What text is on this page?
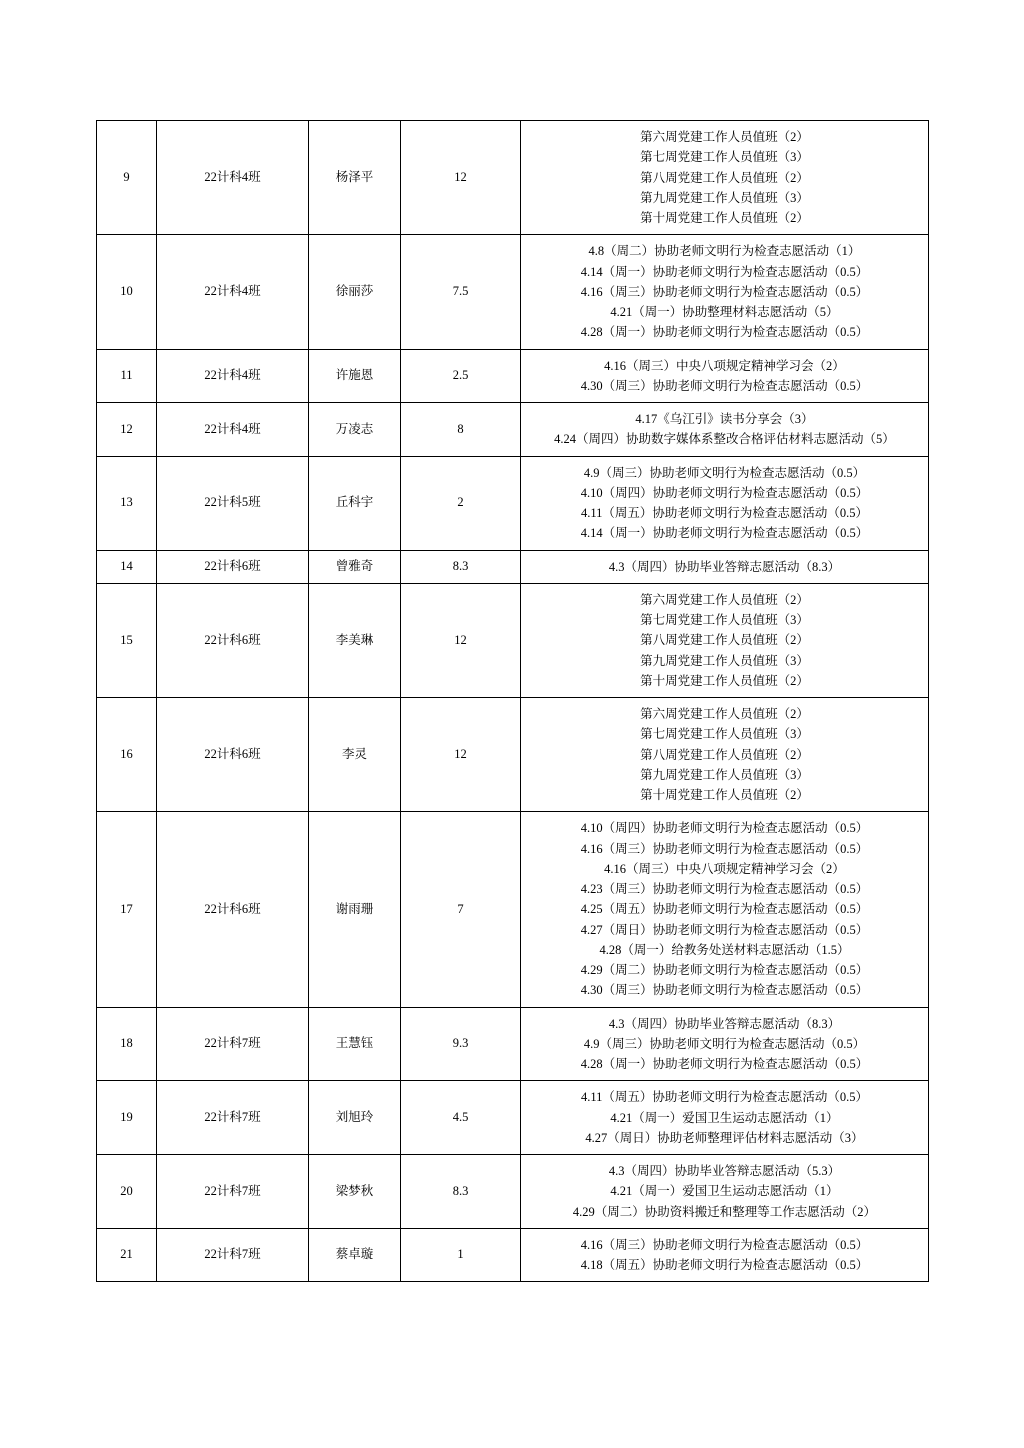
9	22计科4班	杨泽平	12	第六周党建工作人员值班（2）
第七周党建工作人员值班（3）
第八周党建工作人员值班（2）
第九周党建工作人员值班（3）
第十周党建工作人员值班（2）

10	22计科4班	徐丽莎	7.5	4.8（周二）协助老师文明行为检查志愿活动（1）
4.14（周一）协助老师文明行为检查志愿活动（0.5）
4.16（周三）协助老师文明行为检查志愿活动（0.5）
4.21（周一）协助整理材料志愿活动（5）
4.28（周一）协助老师文明行为检查志愿活动（0.5）

11	22计科4班	许施恩	2.5	4.16（周三）中央八项规定精神学习会（2）
4.30（周三）协助老师文明行为检查志愿活动（0.5）

12	22计科4班	万凌志	8	4.17《乌江引》读书分享会（3）
4.24（周四）协助数字媒体系整改合格评估材料志愿活动（5）

13	22计科5班	丘科宇	2	4.9（周三）协助老师文明行为检查志愿活动（0.5）
4.10（周四）协助老师文明行为检查志愿活动（0.5）
4.11（周五）协助老师文明行为检查志愿活动（0.5）
4.14（周一）协助老师文明行为检查志愿活动（0.5）

14	22计科6班	曾雅奇	8.3	4.3（周四）协助毕业答辩志愿活动（8.3）

15	22计科6班	李美琳	12	第六周党建工作人员值班（2）
第七周党建工作人员值班（3）
第八周党建工作人员值班（2）
第九周党建工作人员值班（3）
第十周党建工作人员值班（2）

16	22计科6班	李灵	12	第六周党建工作人员值班（2）
第七周党建工作人员值班（3）
第八周党建工作人员值班（2）
第九周党建工作人员值班（3）
第十周党建工作人员值班（2）

17	22计科6班	谢雨珊	7	
4.10（周四）协助老师文明行为检查志愿活动（0.5）
4.16（周三）协助老师文明行为检查志愿活动（0.5）
4.16（周三）中央八项规定精神学习会（2）
4.23（周三）协助老师文明行为检查志愿活动（0.5）
4.25（周五）协助老师文明行为检查志愿活动（0.5）
4.27（周日）协助老师文明行为检查志愿活动（0.5）
4.28（周一）给教务处送材料志愿活动（1.5）
4.29（周二）协助老师文明行为检查志愿活动（0.5）
4.30（周三）协助老师文明行为检查志愿活动（0.5）

18	22计科7班	王慧钰	9.3	4.3（周四）协助毕业答辩志愿活动（8.3）
4.9（周三）协助老师文明行为检查志愿活动（0.5）
4.28（周一）协助老师文明行为检查志愿活动（0.5）

19	22计科7班	刘旭玲	4.5	4.11（周五）协助老师文明行为检查志愿活动（0.5）
4.21（周一）爱国卫生运动志愿活动（1）
4.27（周日）协助老师整理评估材料志愿活动（3）

20	22计科7班	梁梦秋	8.3	4.3（周四）协助毕业答辩志愿活动（5.3）
4.21（周一）爱国卫生运动志愿活动（1）
4.29（周二）协助资料搬迁和整理等工作志愿活动（2）

21	22计科7班	蔡卓璇	1	4.16（周三）协助老师文明行为检查志愿活动（0.5）
4.18（周五）协助老师文明行为检查志愿活动（0.5）
